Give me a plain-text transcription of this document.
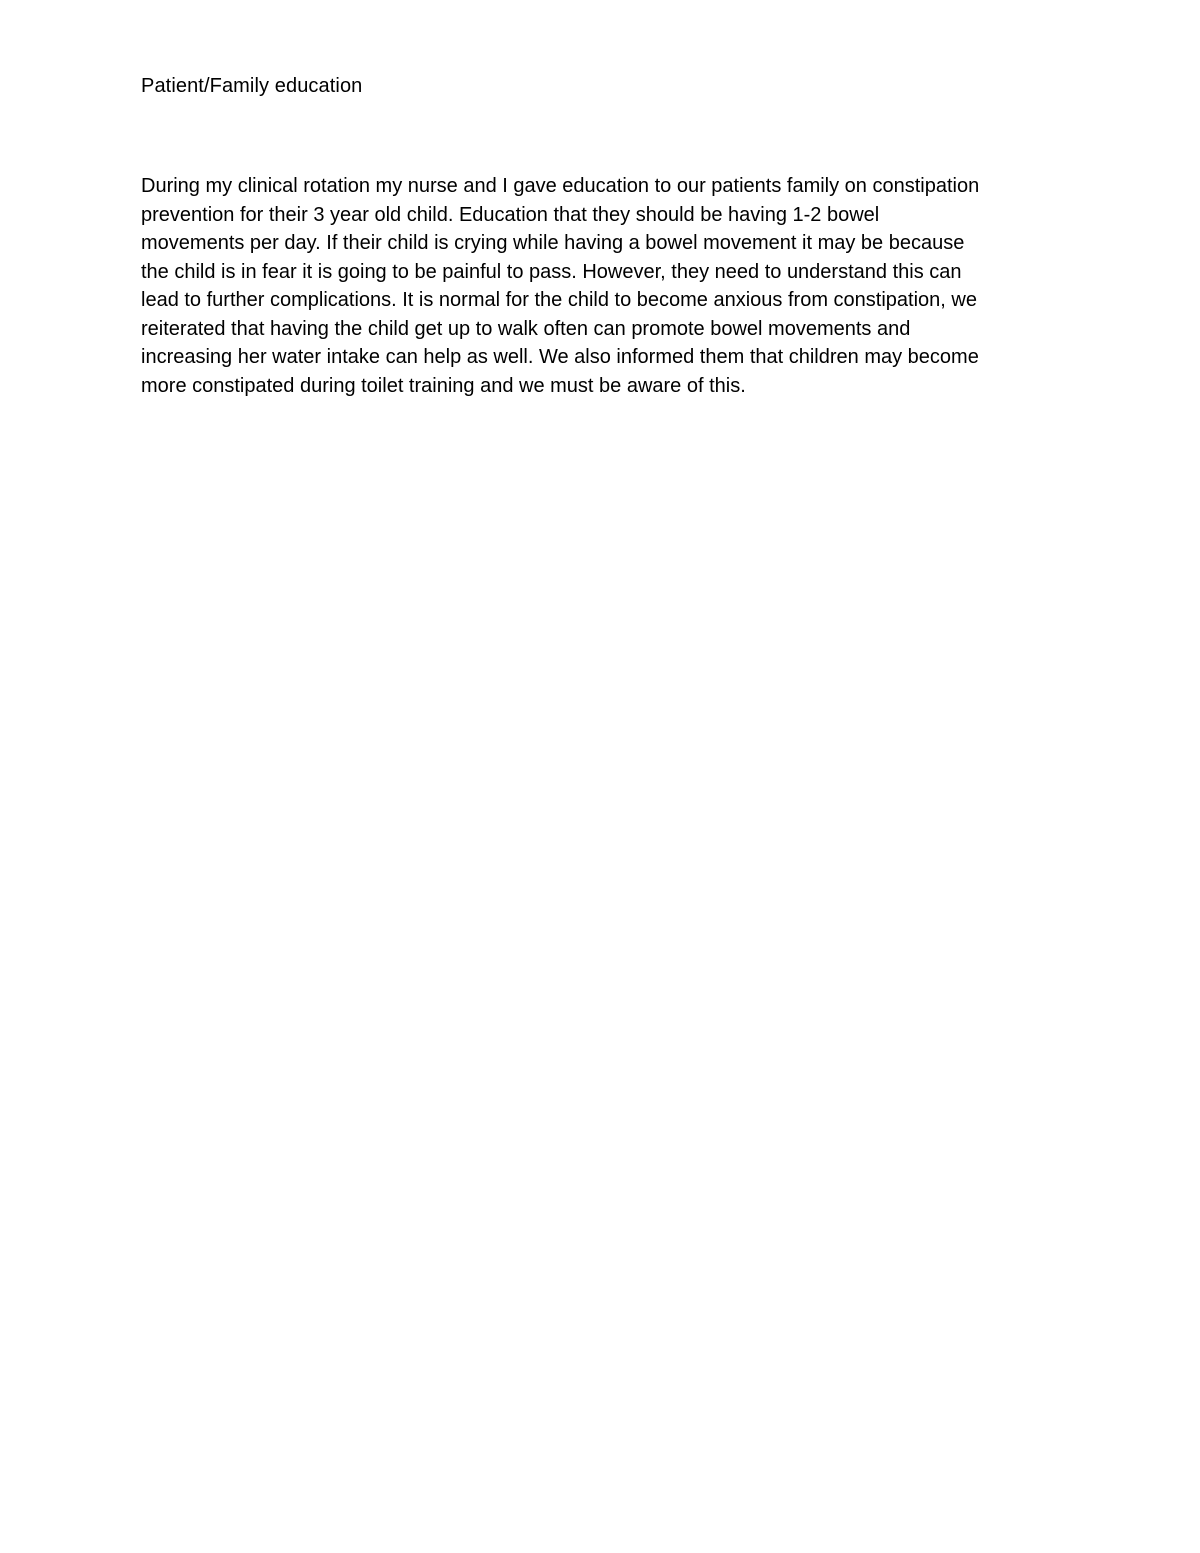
Patient/Family education

During my clinical rotation my nurse and I gave education to our patients family on constipation
prevention for their 3 year old child. Education that they should be having 1-2 bowel
movements per day. If their child is crying while having a bowel movement it may be because
the child is in fear it is going to be painful to pass. However, they need to understand this can
lead to further complications. It is normal for the child to become anxious from constipation, we
reiterated that having the child get up to walk often can promote bowel movements and
increasing her water intake can help as well. We also informed them that children may become
more constipated during toilet training and we must be aware of this.
